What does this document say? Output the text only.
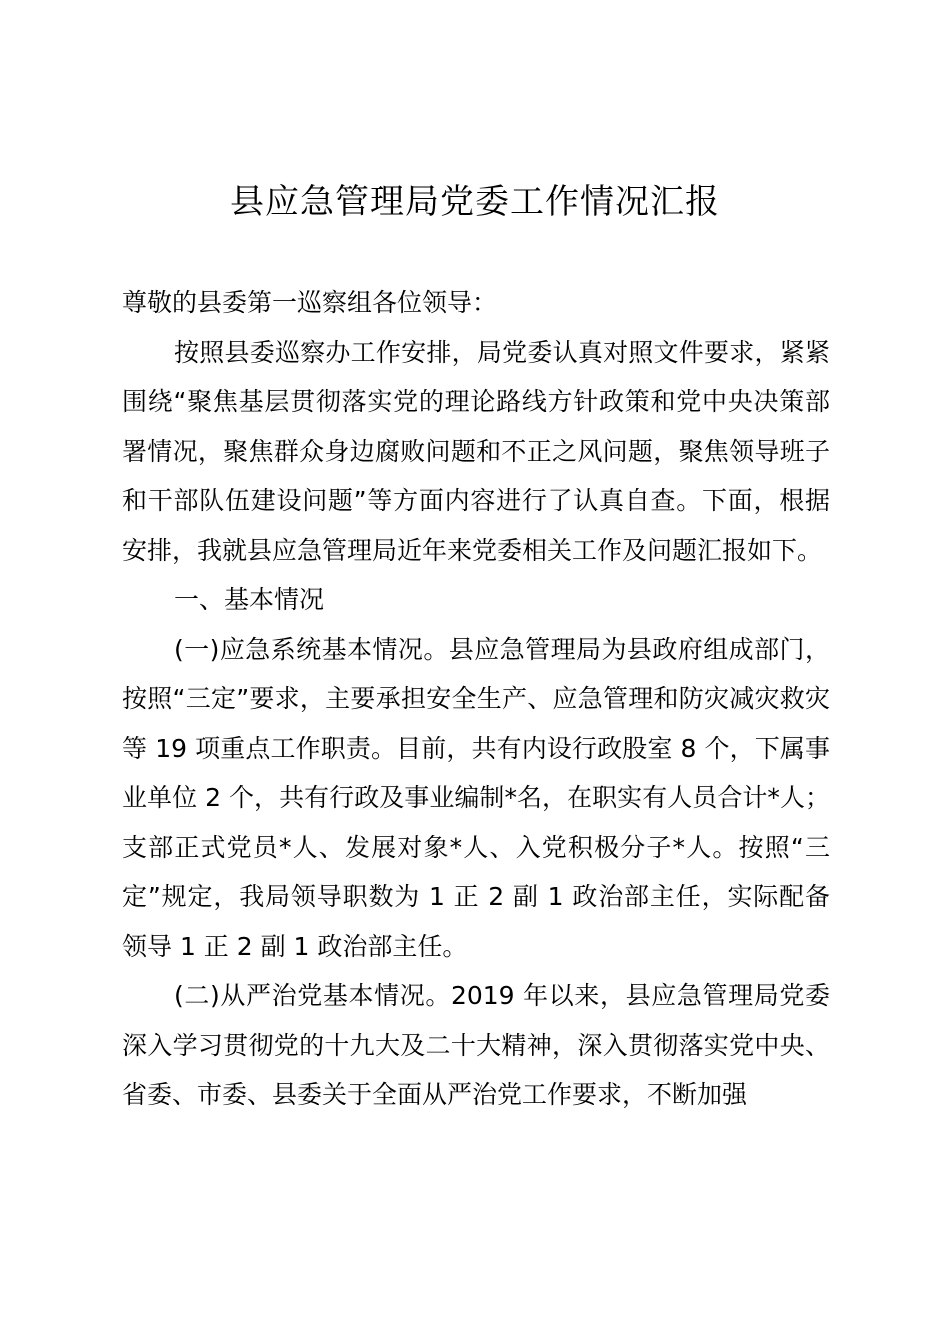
县应急管理局党委工作情况汇报

尊敬的县委第一巡察组各位领导：

按照县委巡察办工作安排，局党委认真对照文件要求，紧紧围绕“聚焦基层贯彻落实党的理论路线方针政策和党中央决策部署情况，聚焦群众身边腐败问题和不正之风问题，聚焦领导班子和干部队伍建设问题”等方面内容进行了认真自查。下面，根据安排，我就县应急管理局近年来党委相关工作及问题汇报如下。

一、基本情况

(一)应急系统基本情况。县应急管理局为县政府组成部门，按照“三定”要求，主要承担安全生产、应急管理和防灾减灾救灾等 19 项重点工作职责。目前，共有内设行政股室 8 个，下属事业单位 2 个，共有行政及事业编制*名，在职实有人员合计*人；支部正式党员*人、发展对象*人、入党积极分子*人。按照“三定”规定，我局领导职数为 1 正 2 副 1 政治部主任，实际配备领导 1 正 2 副 1 政治部主任。

(二)从严治党基本情况。2019 年以来，县应急管理局党委深入学习贯彻党的十九大及二十大精神，深入贯彻落实党中央、省委、市委、县委关于全面从严治党工作要求，不断加强
